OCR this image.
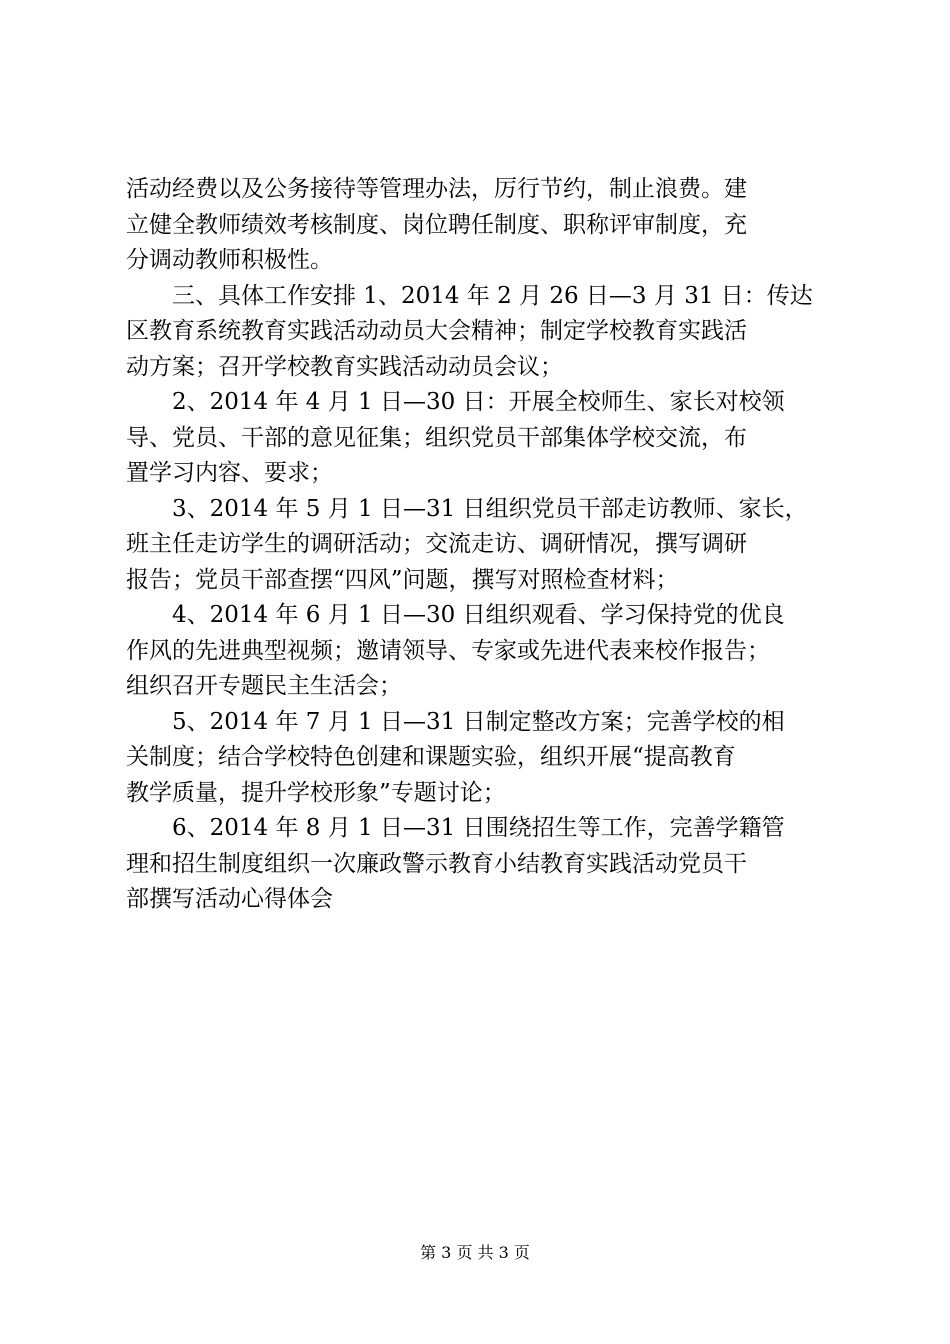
活动经费以及公务接待等管理办法，厉行节约，制止浪费。建
立健全教师绩效考核制度、岗位聘任制度、职称评审制度，充
分调动教师积极性。
三、具体工作安排 1、2014 年 2 月 26 日—3 月 31 日：传达
区教育系统教育实践活动动员大会精神；制定学校教育实践活
动方案；召开学校教育实践活动动员会议；
2、2014 年 4 月 1 日—30 日：开展全校师生、家长对校领
导、党员、干部的意见征集；组织党员干部集体学校交流，布
置学习内容、要求；
3、2014 年 5 月 1 日—31 日组织党员干部走访教师、家长，
班主任走访学生的调研活动；交流走访、调研情况，撰写调研
报告；党员干部查摆“四风”问题，撰写对照检查材料；
4、2014 年 6 月 1 日—30 日组织观看、学习保持党的优良
作风的先进典型视频；邀请领导、专家或先进代表来校作报告；
组织召开专题民主生活会；
5、2014 年 7 月 1 日—31 日制定整改方案；完善学校的相
关制度；结合学校特色创建和课题实验，组织开展“提高教育
教学质量，提升学校形象”专题讨论；
6、2014 年 8 月 1 日—31 日围绕招生等工作，完善学籍管
理和招生制度组织一次廉政警示教育小结教育实践活动党员干
部撰写活动心得体会
第 3 页 共 3 页
